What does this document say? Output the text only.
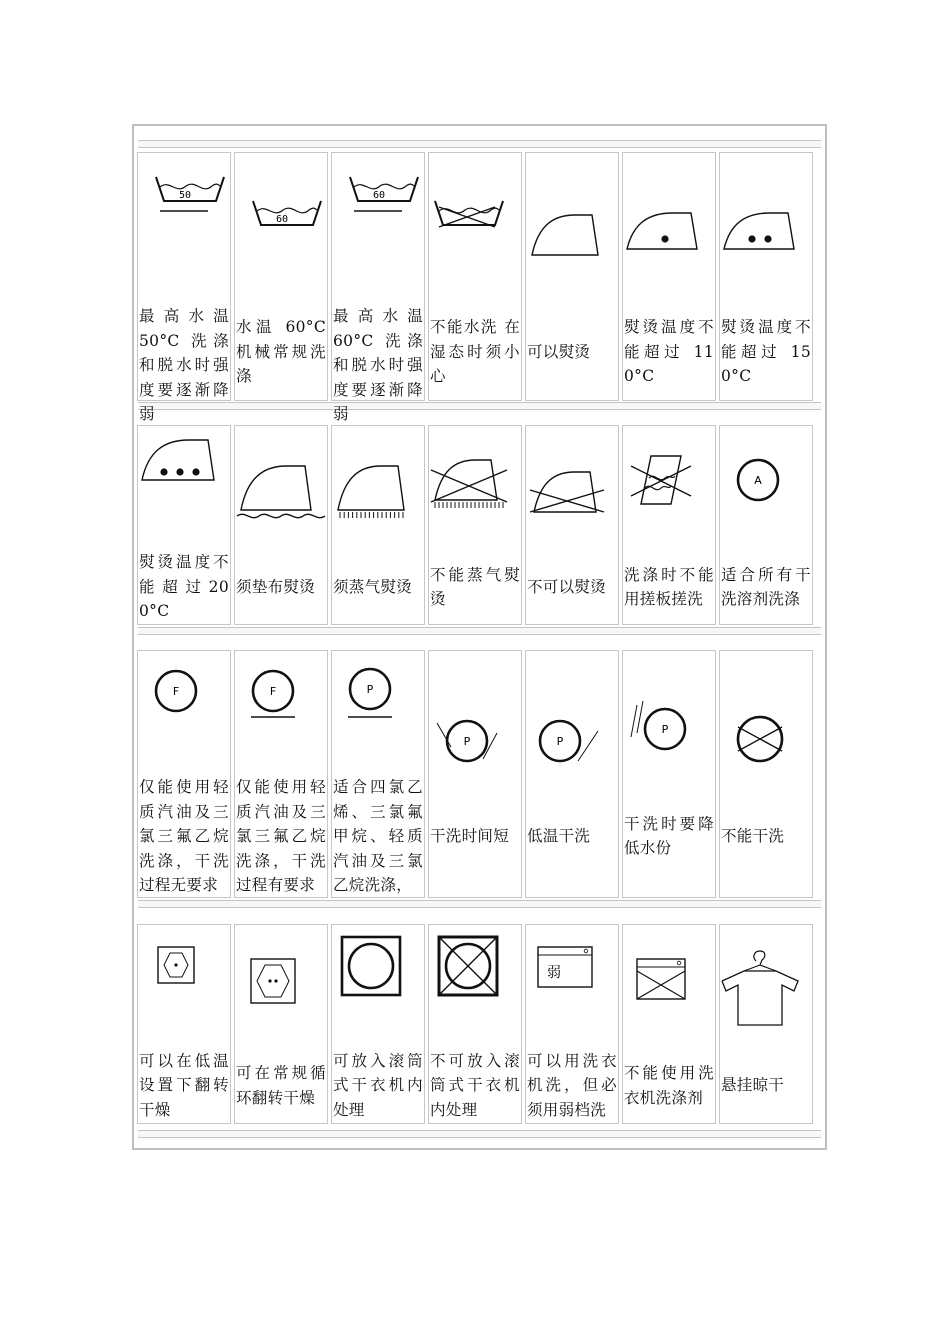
50
最 高 水 温 50°C 洗涤和脱水时强度要逐渐降弱
60
水温 60°C 机械常规洗涤
60
最 高 水 温 60°C 洗涤和脱水时强度要逐渐降弱
不能水洗 在湿态时须小心
可以熨烫
熨烫温度不能超过 110°C
熨烫温度不能超过 150°C
熨烫温度不能 超 过 200°C
须垫布熨烫	须蒸气熨烫
不能蒸气熨烫
不可以熨烫
洗涤时不能用搓板搓洗
A
适合所有干洗溶剂洗涤
F
仅能使用轻质汽油及三氯三氟乙烷洗涤，干洗过程无要求
F
仅能使用轻质汽油及三氯三氟乙烷洗涤，干洗过程有要求
P
适合四氯乙烯、三氯氟甲烷、轻质汽油及三氯乙烷洗涤，
P
干洗时间短
P
低温干洗
P
干洗时要降低水份
不能干洗
可以在低温设置下翻转干燥
可在常规循环翻转干燥
可放入滚筒式干衣机内处理
不可放入滚筒式干衣机内处理
弱
可以用洗衣机洗，但必须用弱档洗
不能使用洗衣机洗涤剂
悬挂晾干
